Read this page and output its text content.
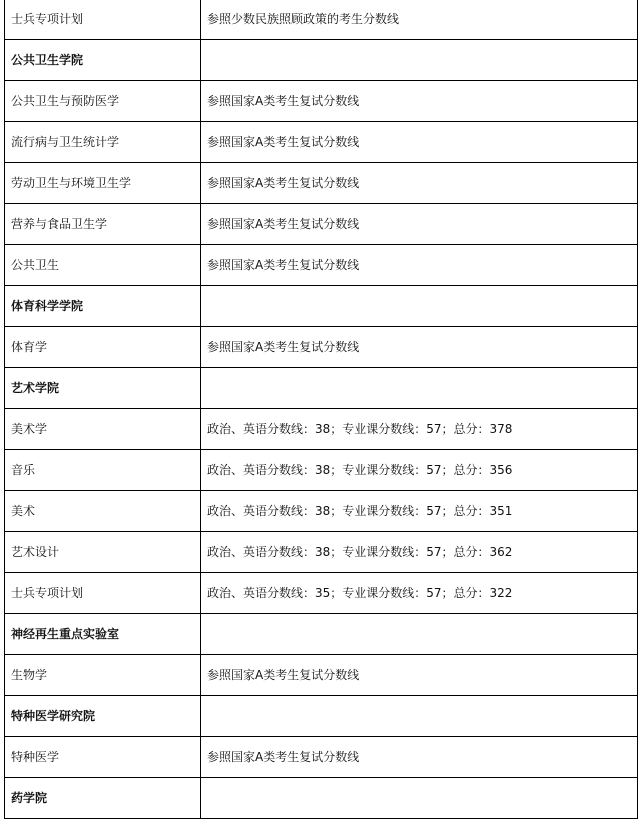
士兵专项计划	参照少数民族照顾政策的考生分数线
公共卫生学院	
公共卫生与预防医学	参照国家A类考生复试分数线
流行病与卫生统计学	参照国家A类考生复试分数线
劳动卫生与环境卫生学	参照国家A类考生复试分数线
营养与食品卫生学	参照国家A类考生复试分数线
公共卫生	参照国家A类考生复试分数线
体育科学学院	
体育学	参照国家A类考生复试分数线
艺术学院	
美术学	政治、英语分数线：38；专业课分数线：57；总分：378
音乐	政治、英语分数线：38；专业课分数线：57；总分：356
美术	政治、英语分数线：38；专业课分数线：57；总分：351
艺术设计	政治、英语分数线：38；专业课分数线：57；总分：362
士兵专项计划	政治、英语分数线：35；专业课分数线：57；总分：322
神经再生重点实验室	
生物学	参照国家A类考生复试分数线
特种医学研究院	
特种医学	参照国家A类考生复试分数线
药学院	
